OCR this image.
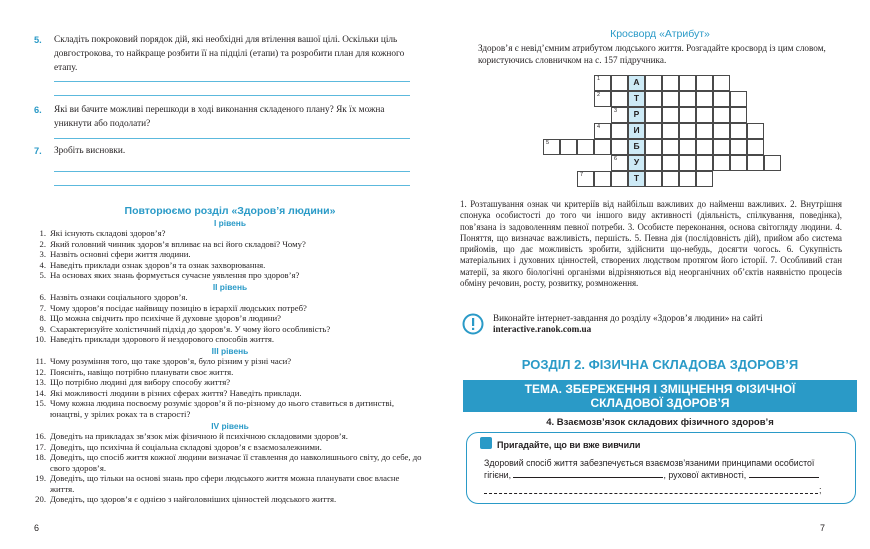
5.	Складіть покроковий порядок дій, які необхідні для втілення вашої цілі. Оскільки ціль довгострокова, то найкраще розбити її на підцілі (етапи) та розробити план для кожного етапу.
6.	Які ви бачите можливі перешкоди в ході виконання складеного плану? Як їх можна уникнути або подолати?
7.	Зробіть висновки.
Повторюємо розділ «Здоров’я людини»
І рівень
1. Які існують складові здоров’я?
2. Який головний чинник здоров’я впливає на всі його складові? Чому?
3. Назвіть основні сфери життя людини.
4. Наведіть приклади ознак здоров’я та ознак захворювання.
5. На основах яких знань формується сучасне уявлення про здоров’я?
ІІ рівень
6. Назвіть ознаки соціального здоров’я.
7. Чому здоров’я посідає найвищу позицію в ієрархії людських потреб?
8. Що можна свідчить про психічне й духовне здоров’я людини?
9. Схарактеризуйте холістичний підхід до здоров’я. У чому його особливість?
10. Наведіть приклади здорового й нездорового способів життя.
ІІІ рівень
11. Чому розуміння того, що таке здоров’я, було різним у різні часи?
12. Поясніть, навіщо потрібно планувати своє життя.
13. Що потрібно людині для вибору способу життя?
14. Які можливості людини в різних сферах життя? Наведіть приклади.
15. Чому кожна людина посвоєму розуміє здоров’я й по-різному до нього ставиться в дитинстві, юнацтві, у зрілих роках та в старості?
IV рівень
16. Доведіть на прикладах зв’язок між фізичною й психічною складовими здоров’я.
17. Доведіть, що психічна й соціальна складові здоров’я є взаємозалежними.
18. Доведіть, що спосіб життя кожної людини визначає її ставлення до навколишнього світу, до себе, до свого здоров’я.
19. Доведіть, що тільки на основі знань про сфери людського життя можна планувати своє власне життя.
20. Доведіть, що здоров’я є однією з найголовніших цінностей людського життя.
6
Кросворд «Атрибут»
Здоров’я є невід’ємним атрибутом людського життя. Розгадайте кросворд із цим словом, користуючись словничком на с. 157 підручника.
1	А
2	Т
3	Р
4	И
5	Б
6	У
7	Т
1. Розташування ознак чи критеріїв від найбільш важливих до найменш важливих. 2. Внутрішня спонука особистості до того чи іншого виду активності (діяльність, спілкування, поведінка), пов’язана із задоволенням певної потреби. 3. Особисте переконання, основа світогляду людини. 4. Поняття, що визначає важливість, першість. 5. Певна дія (послідовність дій), прийом або система прийомів, що дає можливість зробити, здійснити що-небудь, досягти чогось. 6. Сукупність матеріальних і духовних цінностей, створених людством протягом його історії. 7. Особливий стан матерії, за якого біологічні організми відрізняються від неорганічних об’єктів наявністю процесів обміну речовин, росту, розвитку, розмноження.
Виконайте інтернет-завдання до розділу «Здоров’я людини» на сайті
interactive.ranok.com.ua
РОЗДІЛ 2. ФІЗИЧНА СКЛАДОВА ЗДОРОВ’Я
ТЕМА. ЗБЕРЕЖЕННЯ І ЗМІЦНЕННЯ ФІЗИЧНОЇ
СКЛАДОВОЇ ЗДОРОВ’Я
4. Взаємозв’язок складових фізичного здоров’я
Пригадайте, що ви вже вивчили
Здоровий спосіб життя забезпечується взаємозв’язаними принципами особистої гігієни,	, рухової активності,
;
7
